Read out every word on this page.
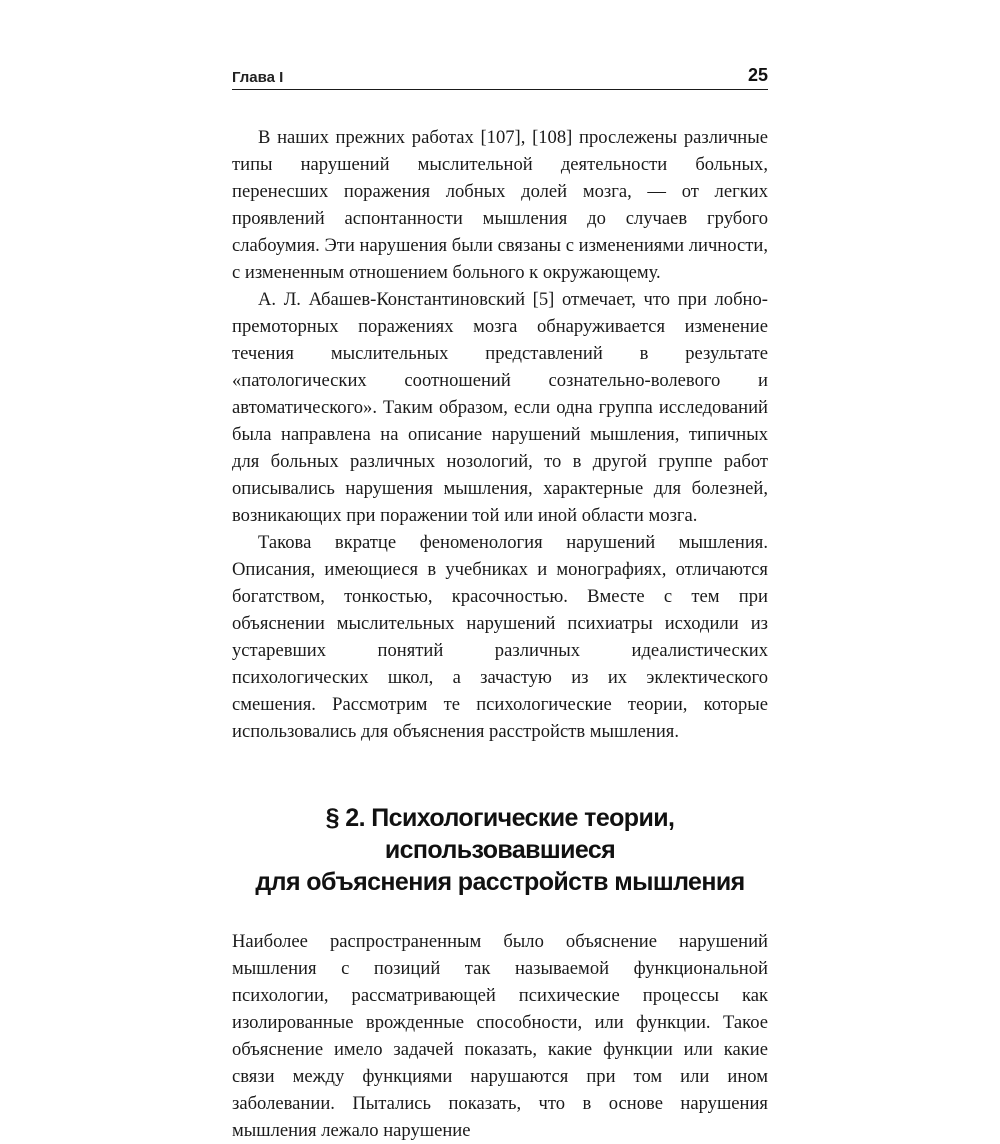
Глава I	25

В наших прежних работах [107], [108] прослежены различные типы нарушений мыслительной деятельности больных, перенесших поражения лобных долей мозга, — от легких проявлений аспонтанности мышления до случаев грубого слабоумия. Эти нарушения были связаны с изменениями личности, с измененным отношением больного к окружающему.

А. Л. Абашев-Константиновский [5] отмечает, что при лобно-премоторных поражениях мозга обнаруживается изменение течения мыслительных представлений в результате «патологических соотношений сознательно-волевого и автоматического». Таким образом, если одна группа исследований была направлена на описание нарушений мышления, типичных для больных различных нозологий, то в другой группе работ описывались нарушения мышления, характерные для болезней, возникающих при поражении той или иной области мозга.

Такова вкратце феноменология нарушений мышления. Описания, имеющиеся в учебниках и монографиях, отличаются богатством, тонкостью, красочностью. Вместе с тем при объяснении мыслительных нарушений психиатры исходили из устаревших понятий различных идеалистических психологических школ, а зачастую из их эклектического смешения. Рассмотрим те психологические теории, которые использовались для объяснения расстройств мышления.

§ 2. Психологические теории, использовавшиеся
для объяснения расстройств мышления

Наиболее распространенным было объяснение нарушений мышления с позиций так называемой функциональной психологии, рассматривающей психические процессы как изолированные врожденные способности, или функции. Такое объяснение имело задачей показать, какие функции или какие связи между функциями нарушаются при том или ином заболевании. Пытались показать, что в основе нарушения мышления лежало нарушение
